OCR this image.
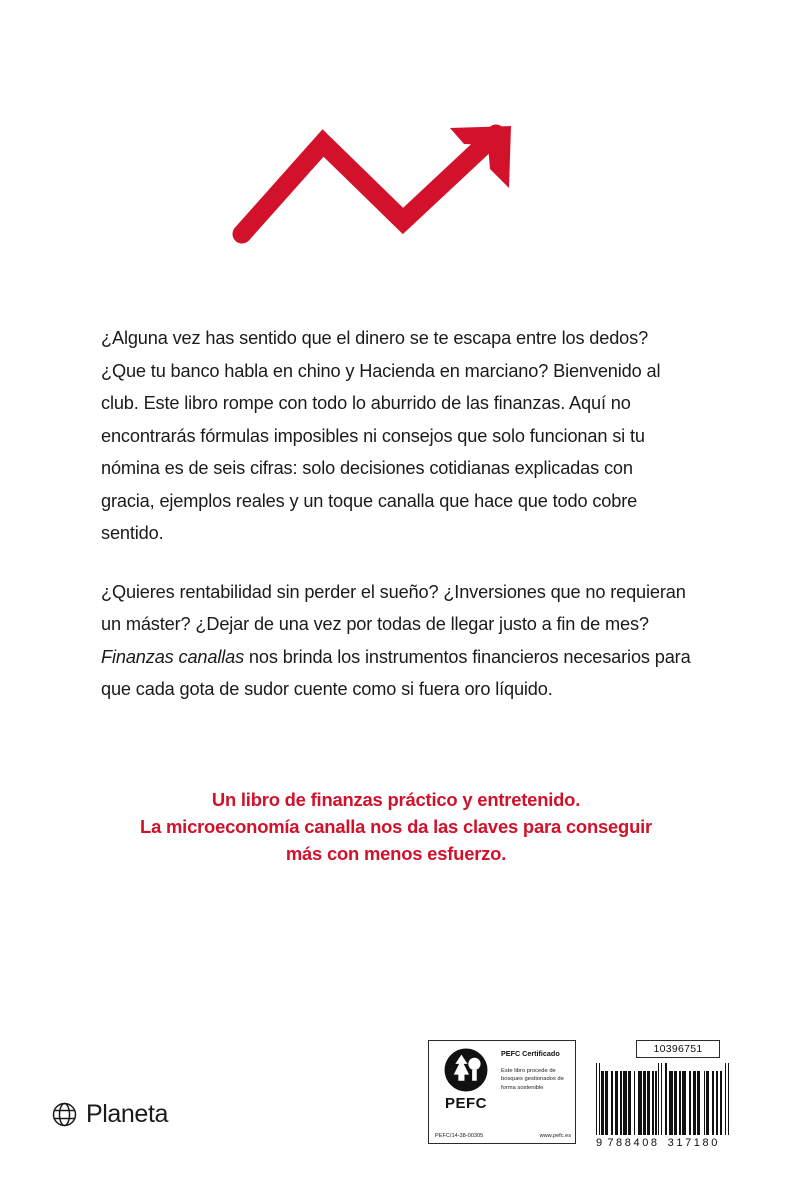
¿Alguna vez has sentido que el dinero se te escapa entre los dedos? ¿Que tu banco habla en chino y Hacienda en marciano? Bienvenido al club. Este libro rompe con todo lo aburrido de las finanzas. Aquí no encontrarás fórmulas imposibles ni consejos que solo funcionan si tu nómina es de seis cifras: solo decisiones cotidianas explicadas con gracia, ejemplos reales y un toque canalla que hace que todo cobre sentido.

¿Quieres rentabilidad sin perder el sueño? ¿Inversiones que no requieran un máster? ¿Dejar de una vez por todas de llegar justo a fin de mes? Finanzas canallas nos brinda los instrumentos financieros necesarios para que cada gota de sudor cuente como si fuera oro líquido.

Un libro de finanzas práctico y entretenido.
La microeconomía canalla nos da las claves para conseguir
más con menos esfuerzo.
Planeta	PEFC
PEFC Certificado
Este libro procede de bosques gestionados de forma sostenible
PEFC/14-38-00305	www.pefc.es
10396751
9 788408 317180
